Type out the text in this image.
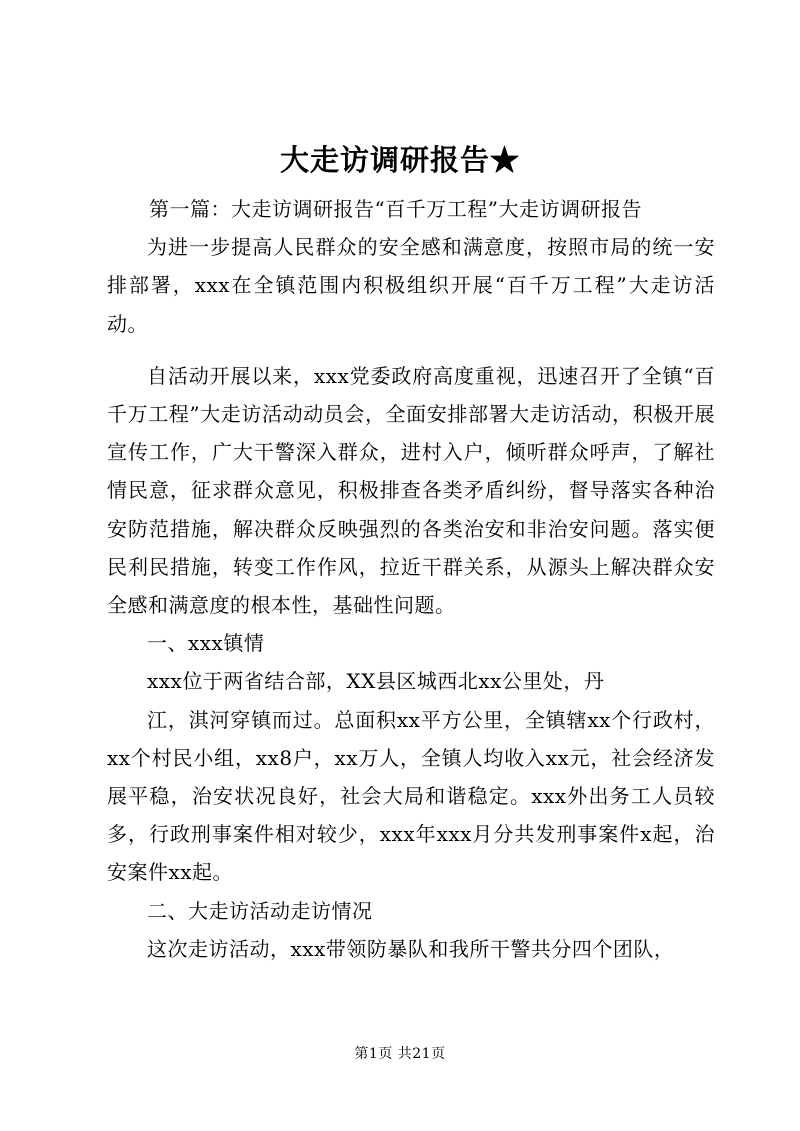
大走访调研报告★

第一篇：大走访调研报告“百千万工程”大走访调研报告

为进一步提高人民群众的安全感和满意度，按照市局的统一安排部署，xxx在全镇范围内积极组织开展“百千万工程”大走访活动。

自活动开展以来，xxx党委政府高度重视，迅速召开了全镇“百千万工程”大走访活动动员会，全面安排部署大走访活动，积极开展宣传工作，广大干警深入群众，进村入户，倾听群众呼声，了解社情民意，征求群众意见，积极排查各类矛盾纠纷，督导落实各种治安防范措施，解决群众反映强烈的各类治安和非治安问题。落实便民利民措施，转变工作作风，拉近干群关系，从源头上解决群众安全感和满意度的根本性，基础性问题。

一、xxx镇情

xxx位于两省结合部，XX县区城西北xx公里处，丹

江，淇河穿镇而过。总面积xx平方公里，全镇辖xx个行政村，xx个村民小组，xx8户，xx万人，全镇人均收入xx元，社会经济发展平稳，治安状况良好，社会大局和谐稳定。xxx外出务工人员较多，行政刑事案件相对较少，xxx年xxx月分共发刑事案件x起，治安案件xx起。

二、大走访活动走访情况

这次走访活动，xxx带领防暴队和我所干警共分四个团队，

第1页 共21页
